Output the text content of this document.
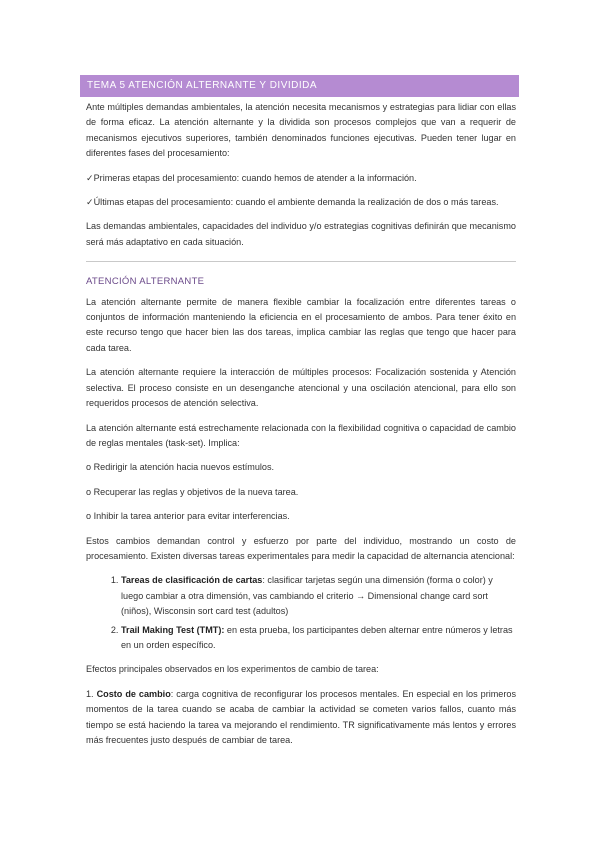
TEMA 5 ATENCIÓN ALTERNANTE Y DIVIDIDA

Ante múltiples demandas ambientales, la atención necesita mecanismos y estrategias para lidiar con ellas de forma eficaz. La atención alternante y la dividida son procesos complejos que van a requerir de mecanismos ejecutivos superiores, también denominados funciones ejecutivas. Pueden tener lugar en diferentes fases del procesamiento:

✓Primeras etapas del procesamiento: cuando hemos de atender a la información.

✓Últimas etapas del procesamiento: cuando el ambiente demanda la realización de dos o más tareas.

Las demandas ambientales, capacidades del individuo y/o estrategias cognitivas definirán que mecanismo será más adaptativo en cada situación.

ATENCIÓN ALTERNANTE

La atención alternante permite de manera flexible cambiar la focalización entre diferentes tareas o conjuntos de información manteniendo la eficiencia en el procesamiento de ambos. Para tener éxito en este recurso tengo que hacer bien las dos tareas, implica cambiar las reglas que tengo que hacer para cada tarea.

La atención alternante requiere la interacción de múltiples procesos: Focalización sostenida y Atención selectiva. El proceso consiste en un desenganche atencional y una oscilación atencional, para ello son requeridos procesos de atención selectiva.

La atención alternante está estrechamente relacionada con la flexibilidad cognitiva o capacidad de cambio de reglas mentales (task-set). Implica:

o Redirigir la atención hacia nuevos estímulos.

o Recuperar las reglas y objetivos de la nueva tarea.

o Inhibir la tarea anterior para evitar interferencias.

Estos cambios demandan control y esfuerzo por parte del individuo, mostrando un costo de procesamiento. Existen diversas tareas experimentales para medir la capacidad de alternancia atencional:

1. Tareas de clasificación de cartas: clasificar tarjetas según una dimensión (forma o color) y luego cambiar a otra dimensión, vas cambiando el criterio → Dimensional change card sort (niños), Wisconsin sort card test (adultos)
2. Trail Making Test (TMT): en esta prueba, los participantes deben alternar entre números y letras en un orden específico.

Efectos principales observados en los experimentos de cambio de tarea:

1. Costo de cambio: carga cognitiva de reconfigurar los procesos mentales. En especial en los primeros momentos de la tarea cuando se acaba de cambiar la actividad se cometen varios fallos, cuanto más tiempo se está haciendo la tarea va mejorando el rendimiento. TR significativamente más lentos y errores más frecuentes justo después de cambiar de tarea.
